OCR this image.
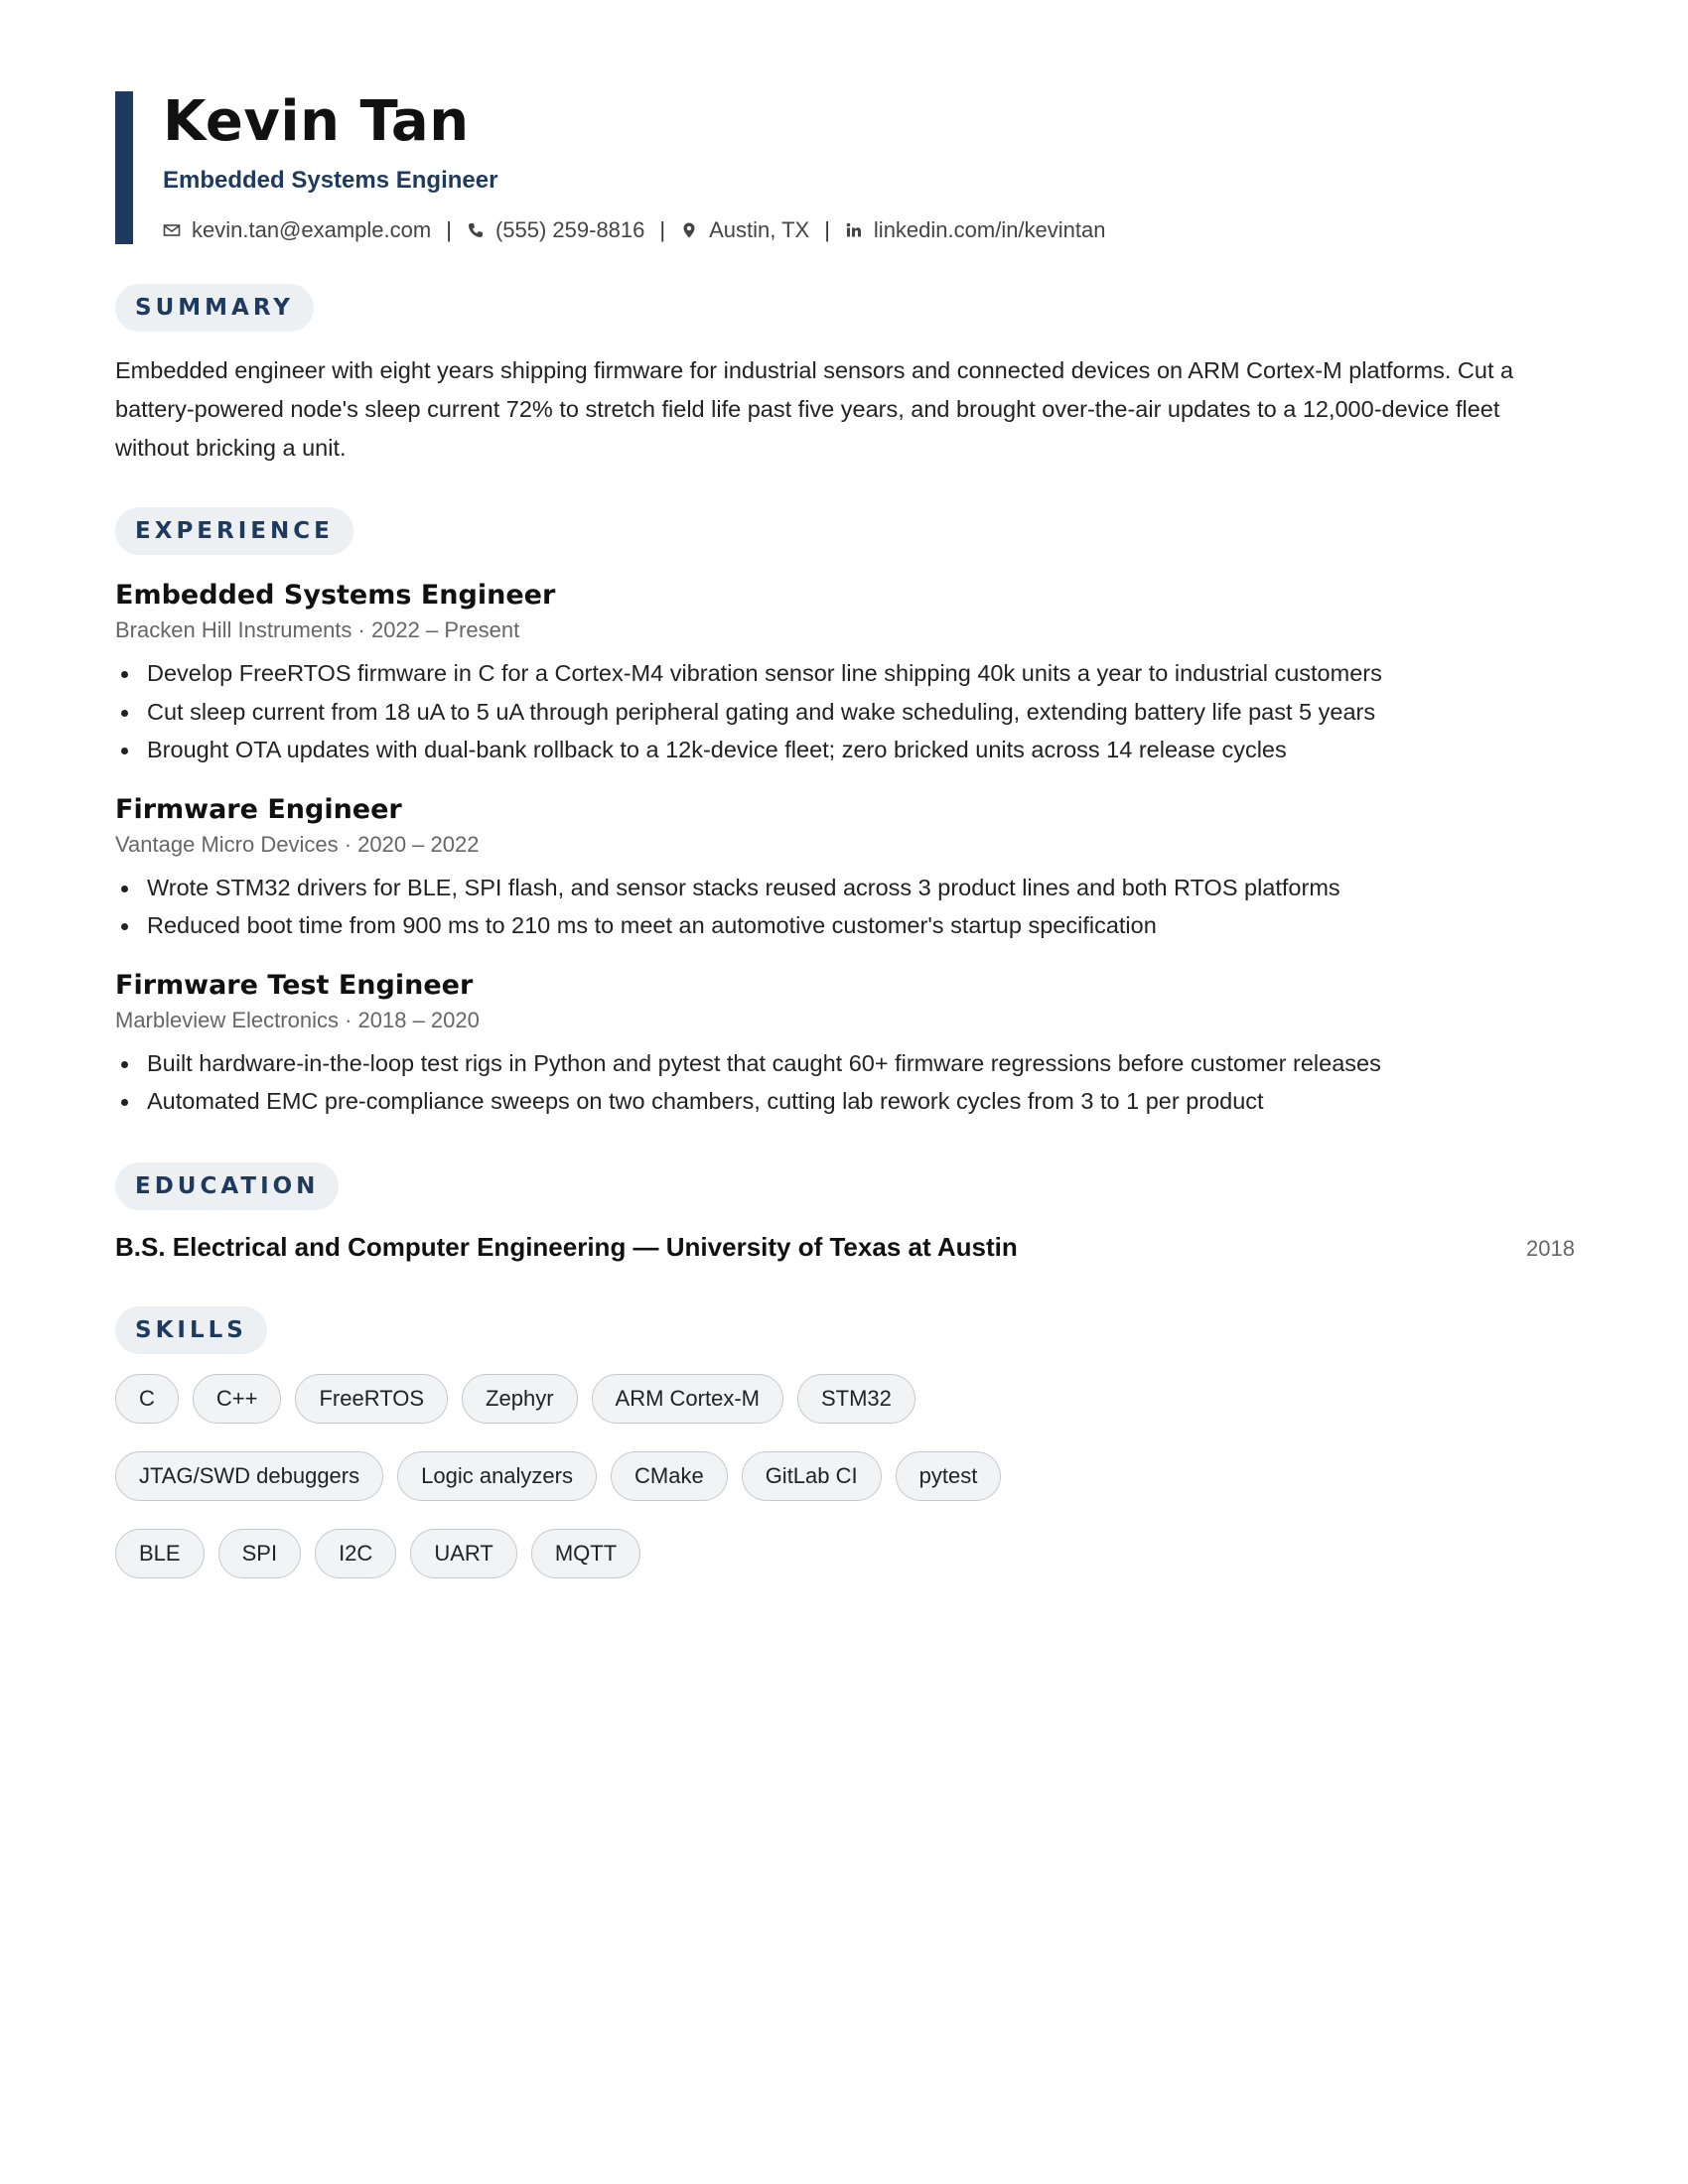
Kevin Tan
Embedded Systems Engineer
kevin.tan@example.com | (555) 259-8816 | Austin, TX | linkedin.com/in/kevintan
SUMMARY

Embedded engineer with eight years shipping firmware for industrial sensors and connected devices on ARM Cortex-M platforms. Cut a battery-powered node's sleep current 72% to stretch field life past five years, and brought over-the-air updates to a 12,000-device fleet without bricking a unit.

EXPERIENCE
Embedded Systems Engineer
Bracken Hill Instruments · 2022 – Present
Develop FreeRTOS firmware in C for a Cortex-M4 vibration sensor line shipping 40k units a year to industrial customers
Cut sleep current from 18 uA to 5 uA through peripheral gating and wake scheduling, extending battery life past 5 years
Brought OTA updates with dual-bank rollback to a 12k-device fleet; zero bricked units across 14 release cycles
Firmware Engineer
Vantage Micro Devices · 2020 – 2022
Wrote STM32 drivers for BLE, SPI flash, and sensor stacks reused across 3 product lines and both RTOS platforms
Reduced boot time from 900 ms to 210 ms to meet an automotive customer's startup specification
Firmware Test Engineer
Marbleview Electronics · 2018 – 2020
Built hardware-in-the-loop test rigs in Python and pytest that caught 60+ firmware regressions before customer releases
Automated EMC pre-compliance sweeps on two chambers, cutting lab rework cycles from 3 to 1 per product
EDUCATION
B.S. Electrical and Computer Engineering — University of Texas at Austin	2018
SKILLS
C	C++	FreeRTOS	Zephyr	ARM Cortex-M	STM32
JTAG/SWD debuggers	Logic analyzers	CMake	GitLab CI	pytest
BLE	SPI	I2C	UART	MQTT
